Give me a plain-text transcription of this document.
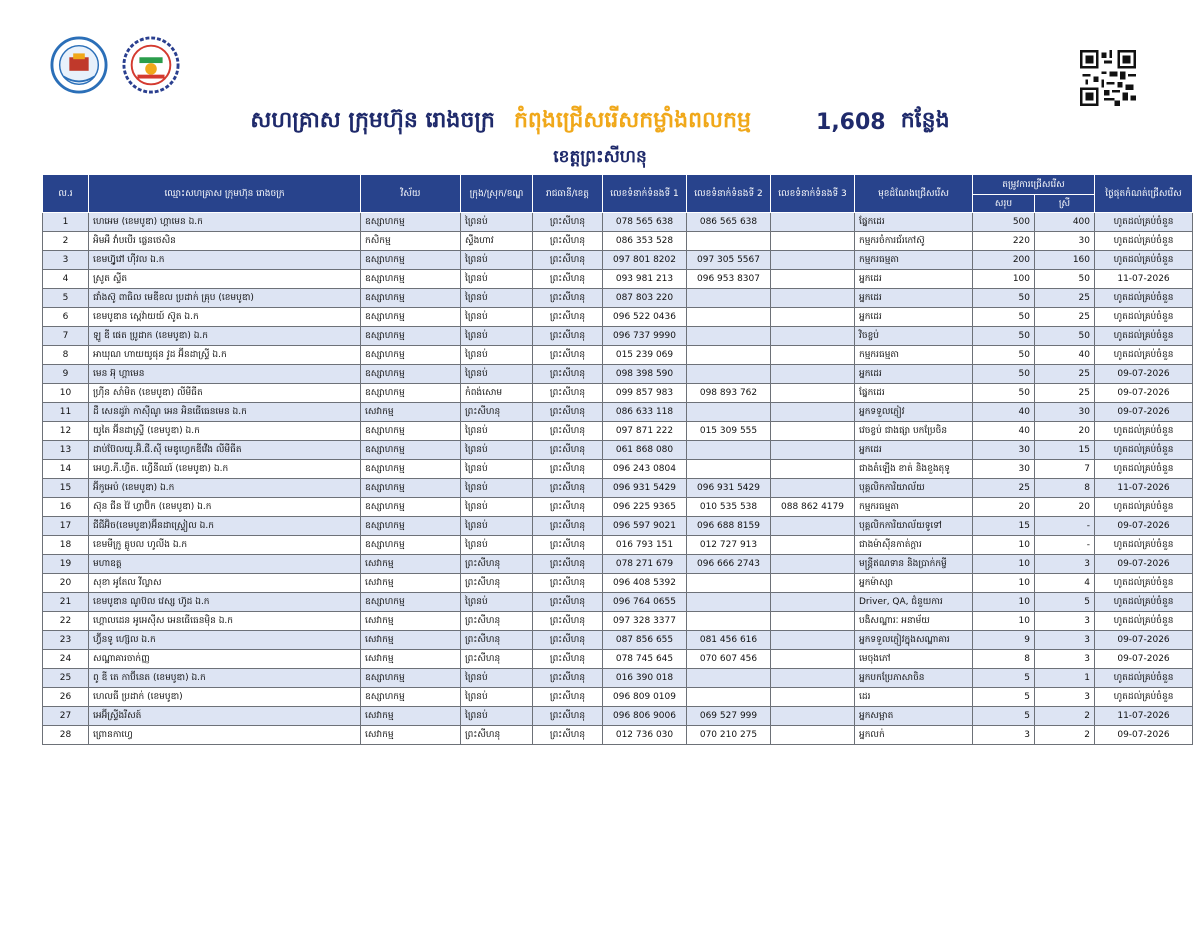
សហគ្រាស ក្រុមហ៊ុន រោងចក្រ កំពុងជ្រើសរើសកម្លាំងពលកម្ម	1,608 កន្លែង
ខេត្តព្រះសីហនុ
ល.រ	ឈ្មោះសហគ្រាស ក្រុមហ៊ុន រោងចក្រ	វិស័យ	ក្រុង/ស្រុក/ខណ្ឌ	រាជធានី/ខេត្ត	លេខទំនាក់ទំនងទី 1	លេខទំនាក់ទំនងទី 2	លេខទំនាក់ទំនងទី 3	មុខដំណែងជ្រើសរើស	តម្រូវការជ្រើសរើស		ថ្ងៃផុតកំណត់ជ្រើសរើស
									សរុប	ស្រី	
1	ហេអេម (ខេមបូឌា) ហ្គាមេន ឯ.ក	ឧស្សាហកម្ម	ព្រៃនប់	ព្រះសីហនុ	078 565 638	086 565 638		ផ្នែកដេរ	500	400	ហូតដល់គ្រប់ចំនួន
2	អិមអឹ វាំបបើរ ផ្លេនថេសិន	កសិកម្ម	ស្ទឹងហាវ	ព្រះសីហនុ	086 353 528			កម្មករចំការជ័រកៅស៊ូ	220	30	ហូតដល់គ្រប់ចំនួន
3	ខេមហ្វ៊ូវៅ ហ៊ីវល ឯ.ក	ឧស្សាហកម្ម	ព្រៃនប់	ព្រះសីហនុ	097 801 8202	097 305 5567		កម្មករធម្មតា	200	160	ហូតដល់គ្រប់ចំនួន
4	ស្រូត ស្ទីត	ឧស្សាហកម្ម	ព្រៃនប់	ព្រះសីហនុ	093 981 213	096 953 8307		អ្នកដេរ	100	50	11-07-2026
5	ជាំងស៊ូ ពាធិល មេឌីខល ប្រដាក់ គ្រុប (ខេមបូឌា)	ឧស្សាហកម្ម	ព្រៃនប់	ព្រះសីហនុ	087 803 220			អ្នកដេរ	50	25	ហូតដល់គ្រប់ចំនួន
6	ខេមបូឌាន ស្ពេវ៉ាយយ៍ ស៊ូត ឯ.ក	ឧស្សាហកម្ម	ព្រៃនប់	ព្រះសីហនុ	096 522 0436			អ្នកដេរ	50	25	ហូតដល់គ្រប់ចំនួន
7	ឡូ ឌី ផេត ប្រូដាក (ខេមបូឌា) ឯ.ក	ឧស្សាហកម្ម	ព្រៃនប់	ព្រះសីហនុ	096 737 9990			វិចខ្ចប់	50	50	ហូតដល់គ្រប់ចំនួន
8	អាឃុណ ហាយយូផុន វូដ អ៊ីនដាស្ទ្រី ឯ.ក	ឧស្សាហកម្ម	ព្រៃនប់	ព្រះសីហនុ	015 239 069			កម្មករធម្មតា	50	40	ហូតដល់គ្រប់ចំនួន
9	មេន អ៊ុ ហ្គាមេន	ឧស្សាហកម្ម	ព្រៃនប់	ព្រះសីហនុ	098 398 590			អ្នកដេរ	50	25	09-07-2026
10	ហ្រ៊ីន សាំមិត (ខេមបូឌា) លីមីធីត	ឧស្សាហកម្ម	កំពង់សោម	ព្រះសីហនុ	099 857 983	098 893 762		ផ្នែកដេរ	50	25	09-07-2026
11	ដឺ សេនដូរ៉ា កាស៊ីណូ អេន អិនធើធេនមេន ឯ.ក	សេវាកម្ម	ព្រះសីហនុ	ព្រះសីហនុ	086 633 118			អ្នកទទួលភ្ញៀវ	40	30	09-07-2026
12	យូតៃ អ៊ីនដាស្ទ្រី (ខេមបូឌា) ឯ.ក	ឧស្សាហកម្ម	ព្រៃនប់	ព្រះសីហនុ	097 871 222	015 309 555		វេចខ្ចប់ ជាងផ្សា បកប្រែចិន	40	20	ហូតដល់គ្រប់ចំនួន
13	ដាប់ប៊ែលយូ.អ៊ិ.ជី.ស៊ី មេឌូហ្វេកឌីវើង លីមីធីត	ឧស្សាហកម្ម	ព្រៃនប់	ព្រះសីហនុ	061 868 080			អ្នកដេរ	30	15	ហូតដល់គ្រប់ចំនួន
14	អេហ្វ.ភី.ហ្វីត. ហ្វើនីឈរ៍ (ខេមបូឌា) ឯ.ក	ឧស្សាហកម្ម	ព្រៃនប់	ព្រះសីហនុ	096 243 0804			ជាងតំឡើង ខាត់ និងខួងតុទូ	30	7	ហូតដល់គ្រប់ចំនួន
15	អ៊ីកូអេប៉ (ខេមបូឌា) ឯ.ក	ឧស្សាហកម្ម	ព្រៃនប់	ព្រះសីហនុ	096 931 5429	096 931 5429		បុគ្គលិកការិយាល័យ	25	8	11-07-2026
16	ស៊ុន ជីន វ៉ៃ ហ្វាប៊ិក (ខេមបូឌា) ឯ.ក	ឧស្សាហកម្ម	ព្រៃនប់	ព្រះសីហនុ	096 225 9365	010 535 538	088 862 4179	កម្មករធម្មតា	20	20	ហូតដល់គ្រប់ចំនួន
17	ជីជីអ៊ិច(ខេមបូឌា)អ៊ីនដាស្ទ្រៀល ឯ.ក	ឧស្សាហកម្ម	ព្រៃនប់	ព្រះសីហនុ	096 597 9021	096 688 8159		បុគ្គលិកការិយាល័យទូទៅ	15	-	09-07-2026
18	ខេមមីក្រូ គ្លូបល ហូលីង ឯ.ក	ឧស្សាហកម្ម	ព្រៃនប់	ព្រះសីហនុ	016 793 151	012 727 913		ជាងម៉ាស៊ីនកាត់ក្ដារ	10	-	ហូតដល់គ្រប់ចំនួន
19	មហាឧត្ត	សេវាកម្ម	ព្រះសីហនុ	ព្រះសីហនុ	078 271 679	096 666 2743		មន្ត្រីឥណទាន និងប្រាក់កម្ចី	10	3	09-07-2026
20	សុខា អូតែល វីល្លាស	សេវាកម្ម	ព្រះសីហនុ	ព្រះសីហនុ	096 408 5392			អ្នកម៉ាស្សា	10	4	ហូតដល់គ្រប់ចំនួន
21	ខេមបូឌាន ណូប៊ល វេស្ស ហ៊ូដ ឯ.ក	ឧស្សាហកម្ម	ព្រៃនប់	ព្រះសីហនុ	096 764 0655			Driver, QA, ជំនួយការ	10	5	ហូតដល់គ្រប់ចំនួន
22	ហ្គោលដេន អូអេស៊ីស អេនធើធេនម៉ិន ឯ.ក	សេវាកម្ម	ព្រះសីហនុ	ព្រះសីហនុ	097 328 3377			បងិសណ្ឋារៈ អនាម័យ	10	3	ហូតដល់គ្រប់ចំនួន
23	ហ្វ៊ីនទូ ហ្ស៊េល ឯ.ក	សេវាកម្ម	ព្រះសីហនុ	ព្រះសីហនុ	087 856 655	081 456 616		អ្នកទទួលភ្ញៀវក្នុងសណ្ឋាគារ	9	3	09-07-2026
24	សណ្ឋាគារចាក់ញ្ញ	សេវាកម្ម	ព្រះសីហនុ	ព្រះសីហនុ	078 745 645	070 607 456		មេចុងភៅ	8	3	09-07-2026
25	ពូ ឌី តេ កាប៊ីនេត (ខេមបូឌា) ឯ.ក	ឧស្សាហកម្ម	ព្រៃនប់	ព្រះសីហនុ	016 390 018			អ្នកបកប្រែភាសាចិន	5	1	ហូតដល់គ្រប់ចំនួន
26	ហេលធី ប្រដាក់ (ខេមបូឌា)	ឧស្សាហកម្ម	ព្រៃនប់	ព្រះសីហនុ	096 809 0109			ដេរ	5	3	ហូតដល់គ្រប់ចំនួន
27	អេអ៊ីស្ទ្រីងរីសត៍	សេវាកម្ម	ព្រៃនប់	ព្រះសីហនុ	096 806 9006	069 527 999		អ្នកសម្អាត	5	2	11-07-2026
28	ព្រោនកាហ្វេ	សេវាកម្ម	ព្រះសីហនុ	ព្រះសីហនុ	012 736 030	070 210 275		អ្នកលក់	3	2	09-07-2026
